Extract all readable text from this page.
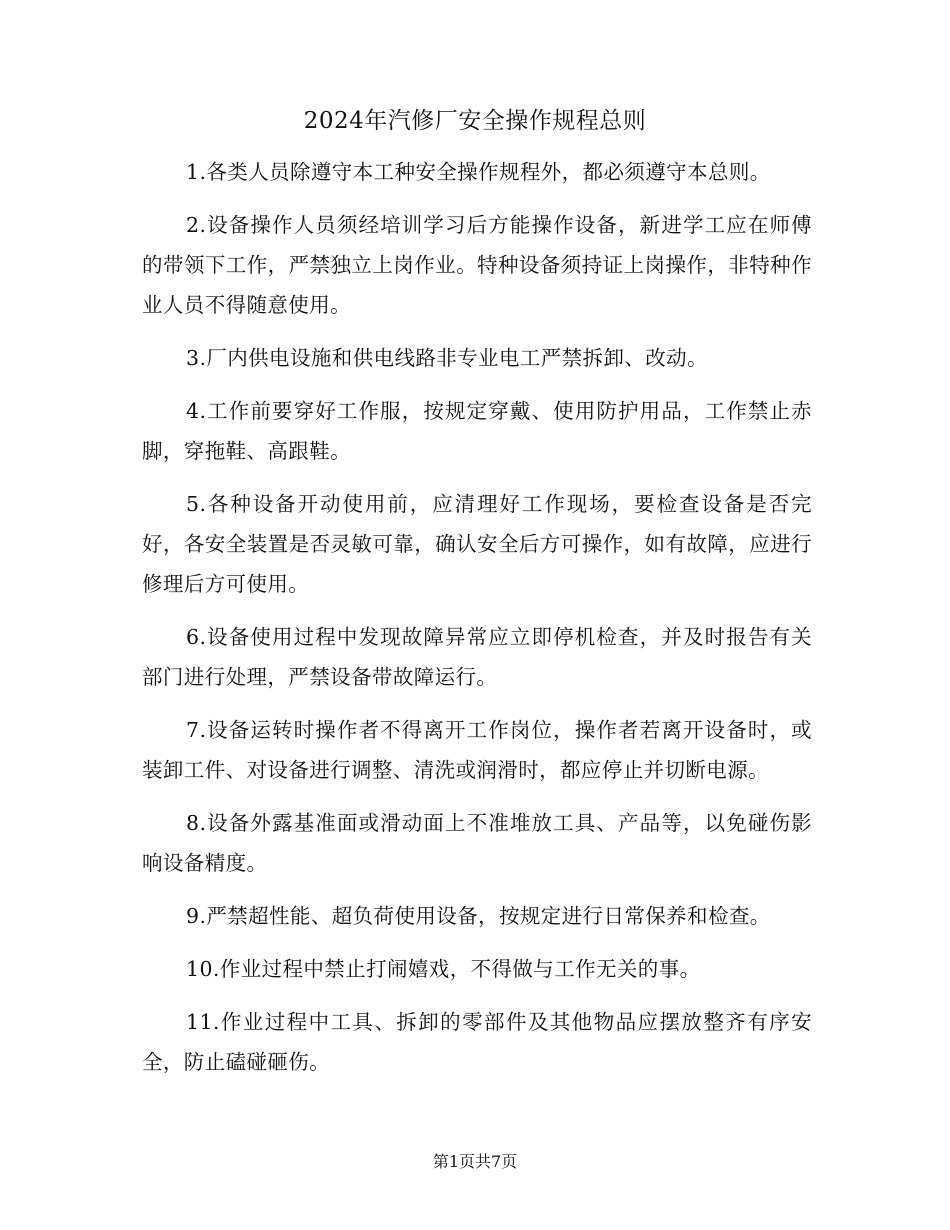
2024年汽修厂安全操作规程总则

1.各类人员除遵守本工种安全操作规程外，都必须遵守本总则。

2.设备操作人员须经培训学习后方能操作设备，新进学工应在师傅的带领下工作，严禁独立上岗作业。特种设备须持证上岗操作，非特种作业人员不得随意使用。

3.厂内供电设施和供电线路非专业电工严禁拆卸、改动。

4.工作前要穿好工作服，按规定穿戴、使用防护用品，工作禁止赤脚，穿拖鞋、高跟鞋。

5.各种设备开动使用前，应清理好工作现场，要检查设备是否完好，各安全装置是否灵敏可靠，确认安全后方可操作，如有故障，应进行修理后方可使用。

6.设备使用过程中发现故障异常应立即停机检查，并及时报告有关部门进行处理，严禁设备带故障运行。

7.设备运转时操作者不得离开工作岗位，操作者若离开设备时，或装卸工件、对设备进行调整、清洗或润滑时，都应停止并切断电源。

8.设备外露基准面或滑动面上不准堆放工具、产品等，以免碰伤影响设备精度。

9.严禁超性能、超负荷使用设备，按规定进行日常保养和检查。

10.作业过程中禁止打闹嬉戏，不得做与工作无关的事。

11.作业过程中工具、拆卸的零部件及其他物品应摆放整齐有序安全，防止磕碰砸伤。

第1页共7页
